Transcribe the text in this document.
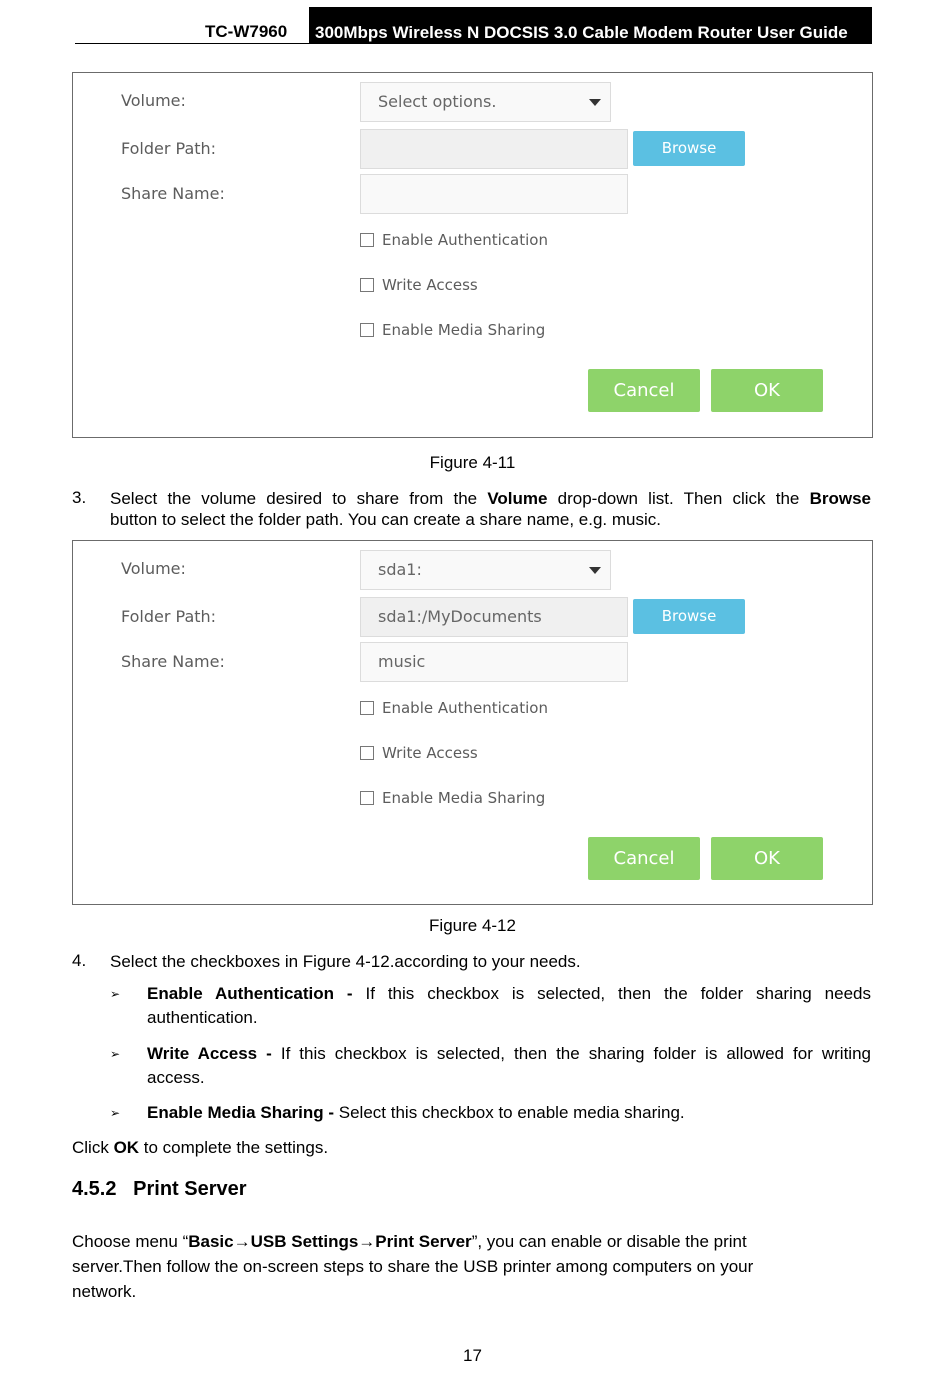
TC-W7960	300Mbps Wireless N DOCSIS 3.0 Cable Modem Router User Guide
Volume:	Select options.
Folder Path:	Browse
Share Name:
Enable Authentication
Write Access
Enable Media Sharing
Cancel	OK
Figure 4-11
3. Select the volume desired to share from the Volume drop-down list. Then click the Browse
button to select the folder path. You can create a share name, e.g. music.
Volume:	sda1:
Folder Path:	sda1:/MyDocuments	Browse
Share Name:	music
Enable Authentication
Write Access
Enable Media Sharing
Cancel	OK
Figure 4-12
4. Select the checkboxes in Figure 4-12.according to your needs.
➢ Enable Authentication - If this checkbox is selected, then the folder sharing needs
authentication.
➢ Write Access - If this checkbox is selected, then the sharing folder is allowed for writing
access.
➢ Enable Media Sharing - Select this checkbox to enable media sharing.
Click OK to complete the settings.
4.5.2 Print Server
Choose menu “Basic→USB Settings→Print Server”, you can enable or disable the print
server.Then follow the on-screen steps to share the USB printer among computers on your
network.
17
